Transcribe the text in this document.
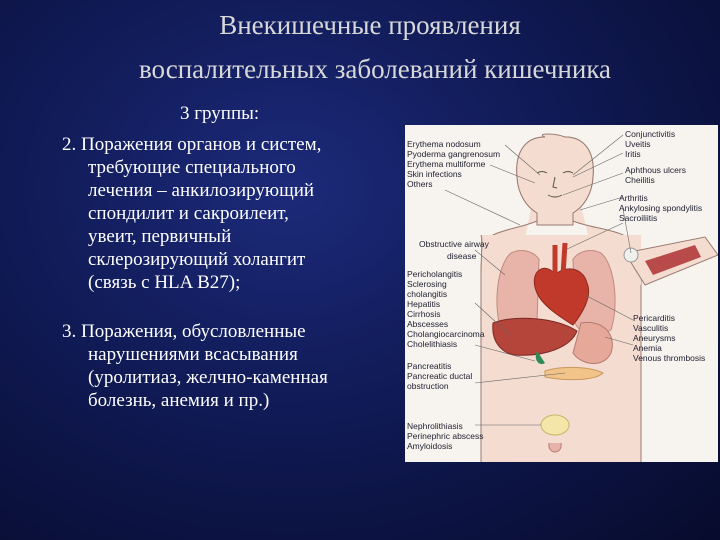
Внекишечные проявления
воспалительных заболеваний кишечника
3 группы:
2. Поражения органов и систем,
требующие специального
лечения – анкилозирующий
спондилит и сакроилеит,
увеит, первичный
склерозирующий холангит
(связь с HLA B27);
3. Поражения, обусловленные
нарушениями всасывания
(уролитиаз, желчно-каменная
болезнь, анемия и пр.)
Erythema nodosum
Pyoderma gangrenosum
Erythema multiforme
Skin infections
Others
Obstructive airway
disease
Pericholangitis
Sclerosing
cholangitis
Hepatitis
Cirrhosis
Abscesses
Cholangiocarcinoma
Cholelithiasis
Pancreatitis
Pancreatic ductal
obstruction
Nephrolithiasis
Perinephric abscess
Amyloidosis
Conjunctivitis
Uveitis
Iritis
Aphthous ulcers
Cheilitis
Arthritis
Ankylosing spondylitis
Sacroiliitis
Pericarditis
Vasculitis
Aneurysms
Anemia
Venous thrombosis
